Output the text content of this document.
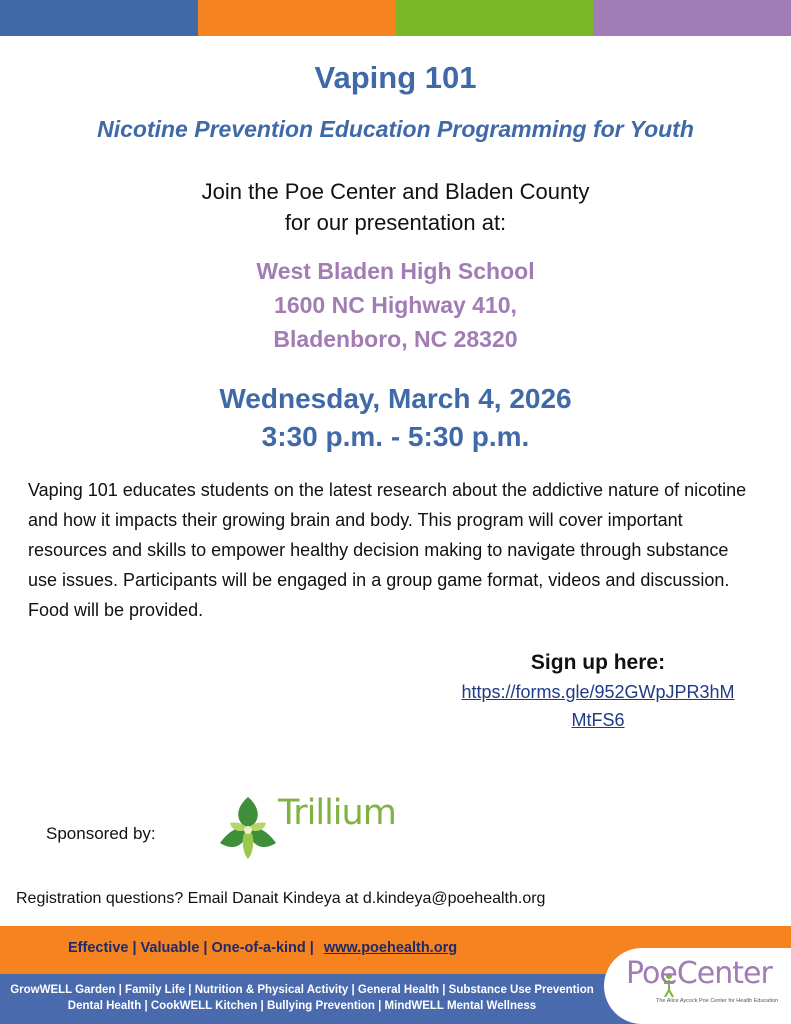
Vaping 101
Nicotine Prevention Education Programming for Youth
Join the Poe Center and Bladen County
for our presentation at:
West Bladen High School
1600 NC Highway 410,
Bladenboro, NC 28320
Wednesday, March 4, 2026
3:30 p.m. - 5:30 p.m.

Vaping 101 educates students on the latest research about the addictive nature of nicotine and how it impacts their growing brain and body. This program will cover important resources and skills to empower healthy decision making to navigate through substance use issues. Participants will be engaged in a group game format, videos and discussion.

Food will be provided.

Sign up here:
https://forms.gle/952GWpJPR3hMMtFS6
Sponsored by:
Trillium
Registration questions? Email Danait Kindeya at d.kindeya@poehealth.org
Effective | Valuable | One-of-a-kind | www.poehealth.org
GrowWELL Garden | Family Life | Nutrition & Physical Activity | General Health | Substance Use Prevention
Dental Health | CookWELL Kitchen | Bullying Prevention | MindWELL Mental Wellness
PoeCenter
The Alice Aycock Poe Center for Health Education
